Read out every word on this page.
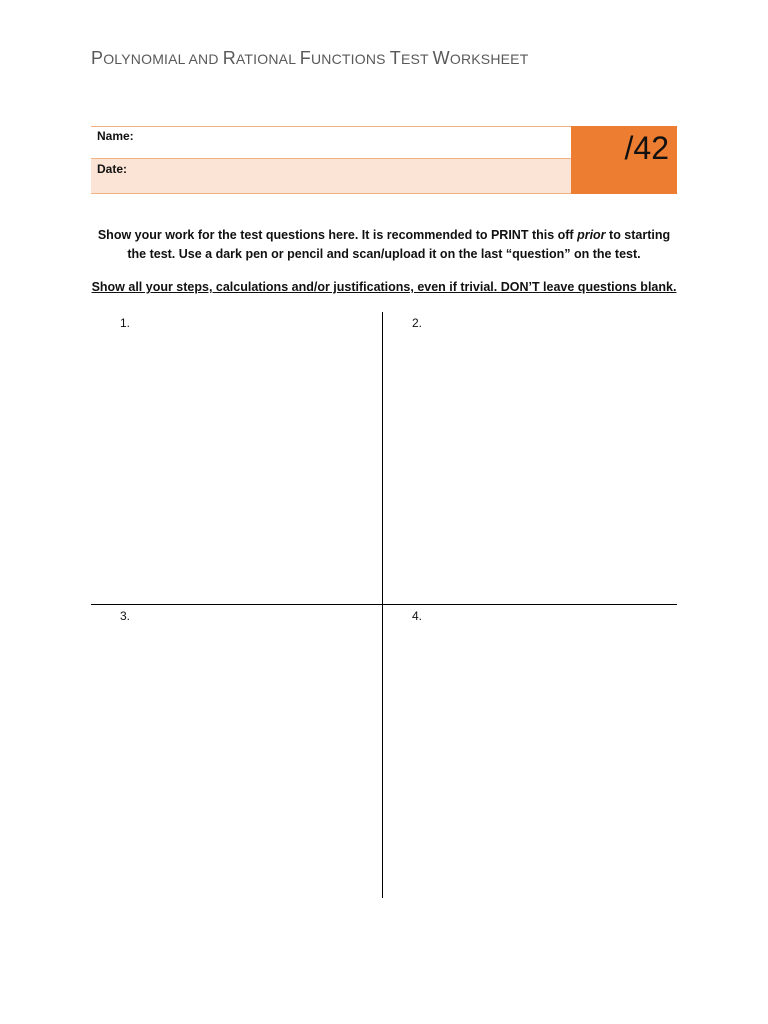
POLYNOMIAL AND RATIONAL FUNCTIONS TEST WORKSHEET
Name:
Date:
/42
Show your work for the test questions here. It is recommended to PRINT this off prior to starting the test. Use a dark pen or pencil and scan/upload it on the last “question” on the test.
Show all your steps, calculations and/or justifications, even if trivial. DON’T leave questions blank.
1.	2.
3.	4.
